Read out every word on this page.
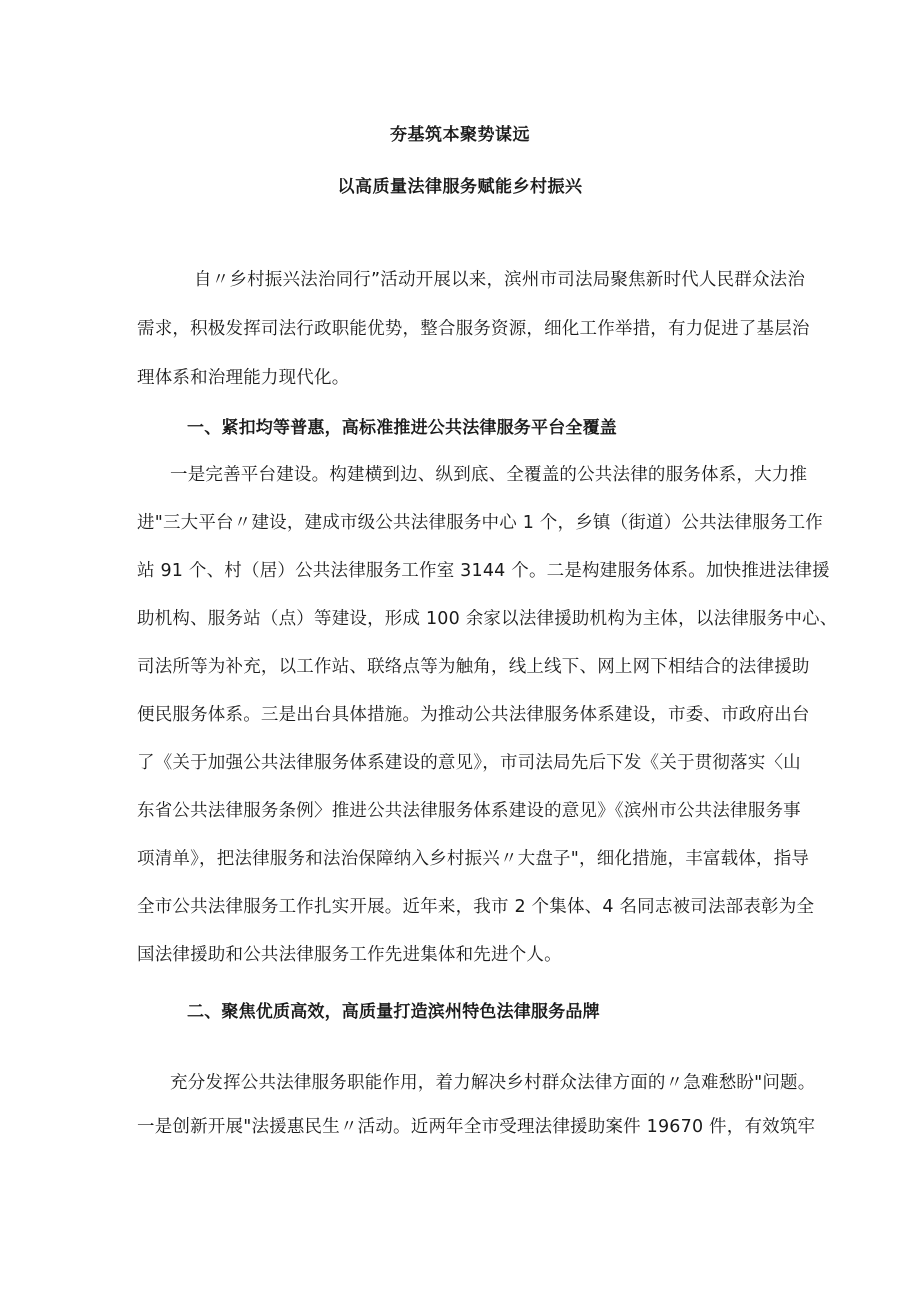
夯基筑本聚势谋远
以高质量法律服务赋能乡村振兴
自〃乡村振兴法治同行”活动开展以来，滨州市司法局聚焦新时代人民群众法治
需求，积极发挥司法行政职能优势，整合服务资源，细化工作举措，有力促进了基层治
理体系和治理能力现代化。
一、紧扣均等普惠，高标准推进公共法律服务平台全覆盖
一是完善平台建设。构建横到边、纵到底、全覆盖的公共法律的服务体系，大力推
进"三大平台〃建设，建成市级公共法律服务中心 1 个，乡镇（街道）公共法律服务工作
站 91 个、村（居）公共法律服务工作室 3144 个。二是构建服务体系。加快推进法律援
助机构、服务站（点）等建设，形成 100 余家以法律援助机构为主体，以法律服务中心、
司法所等为补充，以工作站、联络点等为触角，线上线下、网上网下相结合的法律援助
便民服务体系。三是出台具体措施。为推动公共法律服务体系建设，市委、市政府出台
了《关于加强公共法律服务体系建设的意见》，市司法局先后下发《关于贯彻落实〈山
东省公共法律服务条例〉推进公共法律服务体系建设的意见》《滨州市公共法律服务事
项清单》，把法律服务和法治保障纳入乡村振兴〃大盘子"，细化措施，丰富载体，指导
全市公共法律服务工作扎实开展。近年来，我市 2 个集体、4 名同志被司法部表彰为全
国法律援助和公共法律服务工作先进集体和先进个人。
二、聚焦优质高效，高质量打造滨州特色法律服务品牌
充分发挥公共法律服务职能作用，着力解决乡村群众法律方面的〃急难愁盼"问题。
一是创新开展"法援惠民生〃活动。近两年全市受理法律援助案件 19670 件，有效筑牢
